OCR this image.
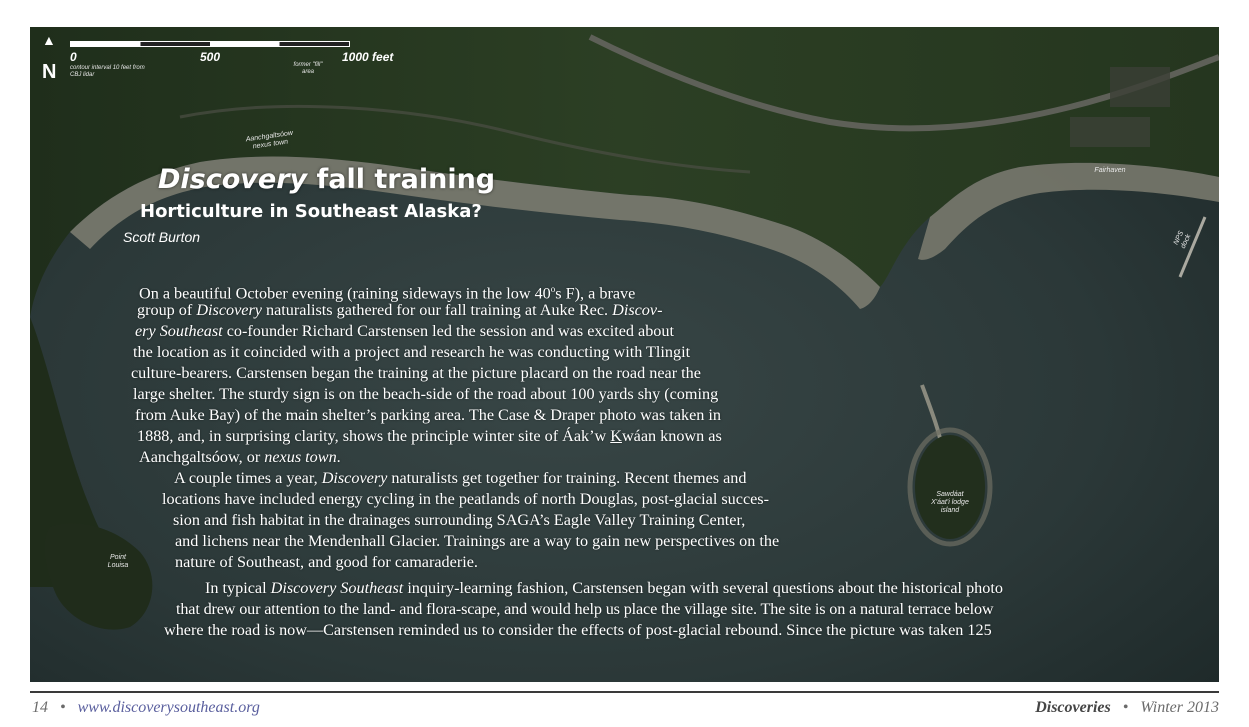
▲
N
0	500	1000 feet
contour interval 10 feet from CBJ lidar
former "fill" area
Aanchgaltsóow nexus town
Fairhaven
NPS dock
Sawdáat X'áat'i lodge island
Point Louisa
Discovery fall training
Horticulture in Southeast Alaska?
Scott Burton
On a beautiful October evening (raining sideways in the low 40$^o$s F), a brave
group of Discovery naturalists gathered for our fall training at Auke Rec. Discov-
ery Southeast co-founder Richard Carstensen led the session and was excited about
the location as it coincided with a project and research he was conducting with Tlingit
culture-bearers. Carstensen began the training at the picture placard on the road near the
large shelter. The sturdy sign is on the beach-side of the road about 100 yards shy (coming
from Auke Bay) of the main shelter’s parking area. The Case & Draper photo was taken in
1888, and, in surprising clarity, shows the principle winter site of Áak’w Kwáan known as
Aanchgaltsóow, or nexus town.
A couple times a year, Discovery naturalists get together for training. Recent themes and
locations have included energy cycling in the peatlands of north Douglas, post-glacial succes-
sion and fish habitat in the drainages surrounding SAGA’s Eagle Valley Training Center,
and lichens near the Mendenhall Glacier. Trainings are a way to gain new perspectives on the
nature of Southeast, and good for camaraderie.
In typical Discovery Southeast inquiry-learning fashion, Carstensen began with several questions about the historical photo
that drew our attention to the land- and flora-scape, and would help us place the village site. The site is on a natural terrace below
where the road is now—Carstensen reminded us to consider the effects of post-glacial rebound. Since the picture was taken 125
14 • www.discoverysoutheast.org	Discoveries • Winter 2013
